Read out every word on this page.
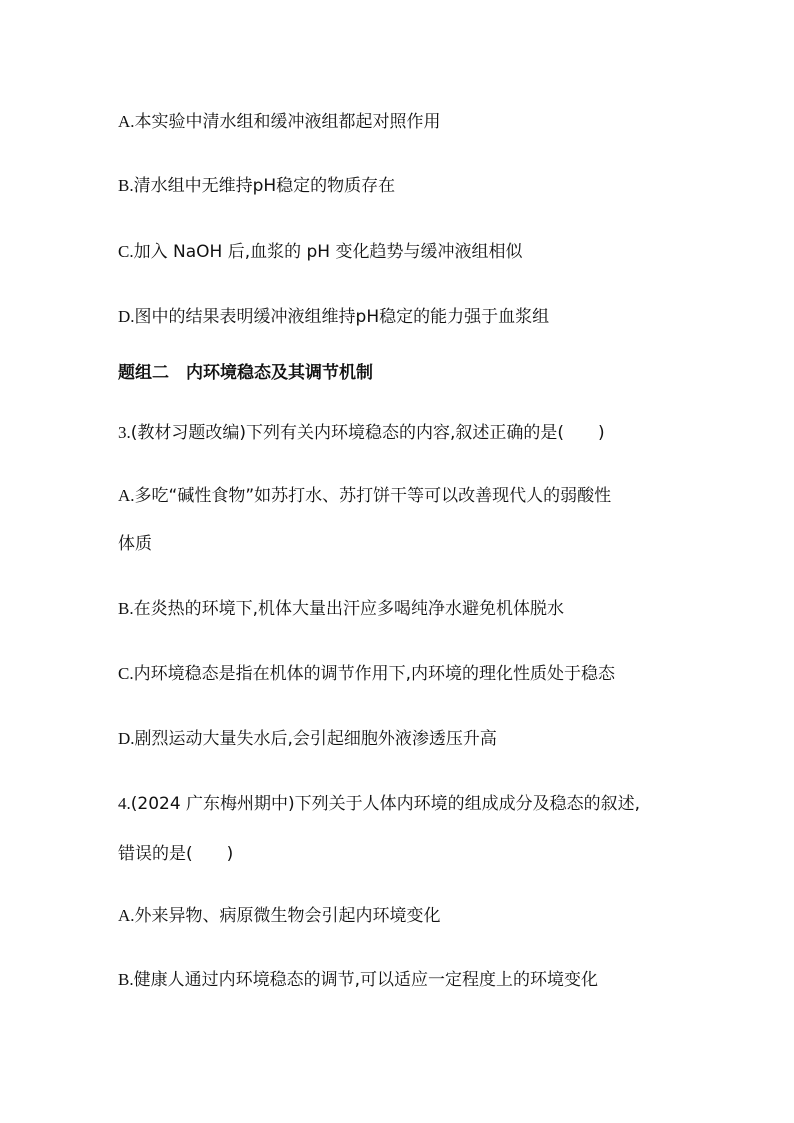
A.本实验中清水组和缓冲液组都起对照作用
B.清水组中无维持pH稳定的物质存在
C.加入 NaOH 后,血浆的 pH 变化趋势与缓冲液组相似
D.图中的结果表明缓冲液组维持pH稳定的能力强于血浆组
题组二　内环境稳态及其调节机制
3.(教材习题改编)下列有关内环境稳态的内容,叙述正确的是(　　)
A.多吃“碱性食物”如苏打水、苏打饼干等可以改善现代人的弱酸性
体质
B.在炎热的环境下,机体大量出汗应多喝纯净水避免机体脱水
C.内环境稳态是指在机体的调节作用下,内环境的理化性质处于稳态
D.剧烈运动大量失水后,会引起细胞外液渗透压升高
4.(2024 广东梅州期中)下列关于人体内环境的组成成分及稳态的叙述,
错误的是(　　)
A.外来异物、病原微生物会引起内环境变化
B.健康人通过内环境稳态的调节,可以适应一定程度上的环境变化
